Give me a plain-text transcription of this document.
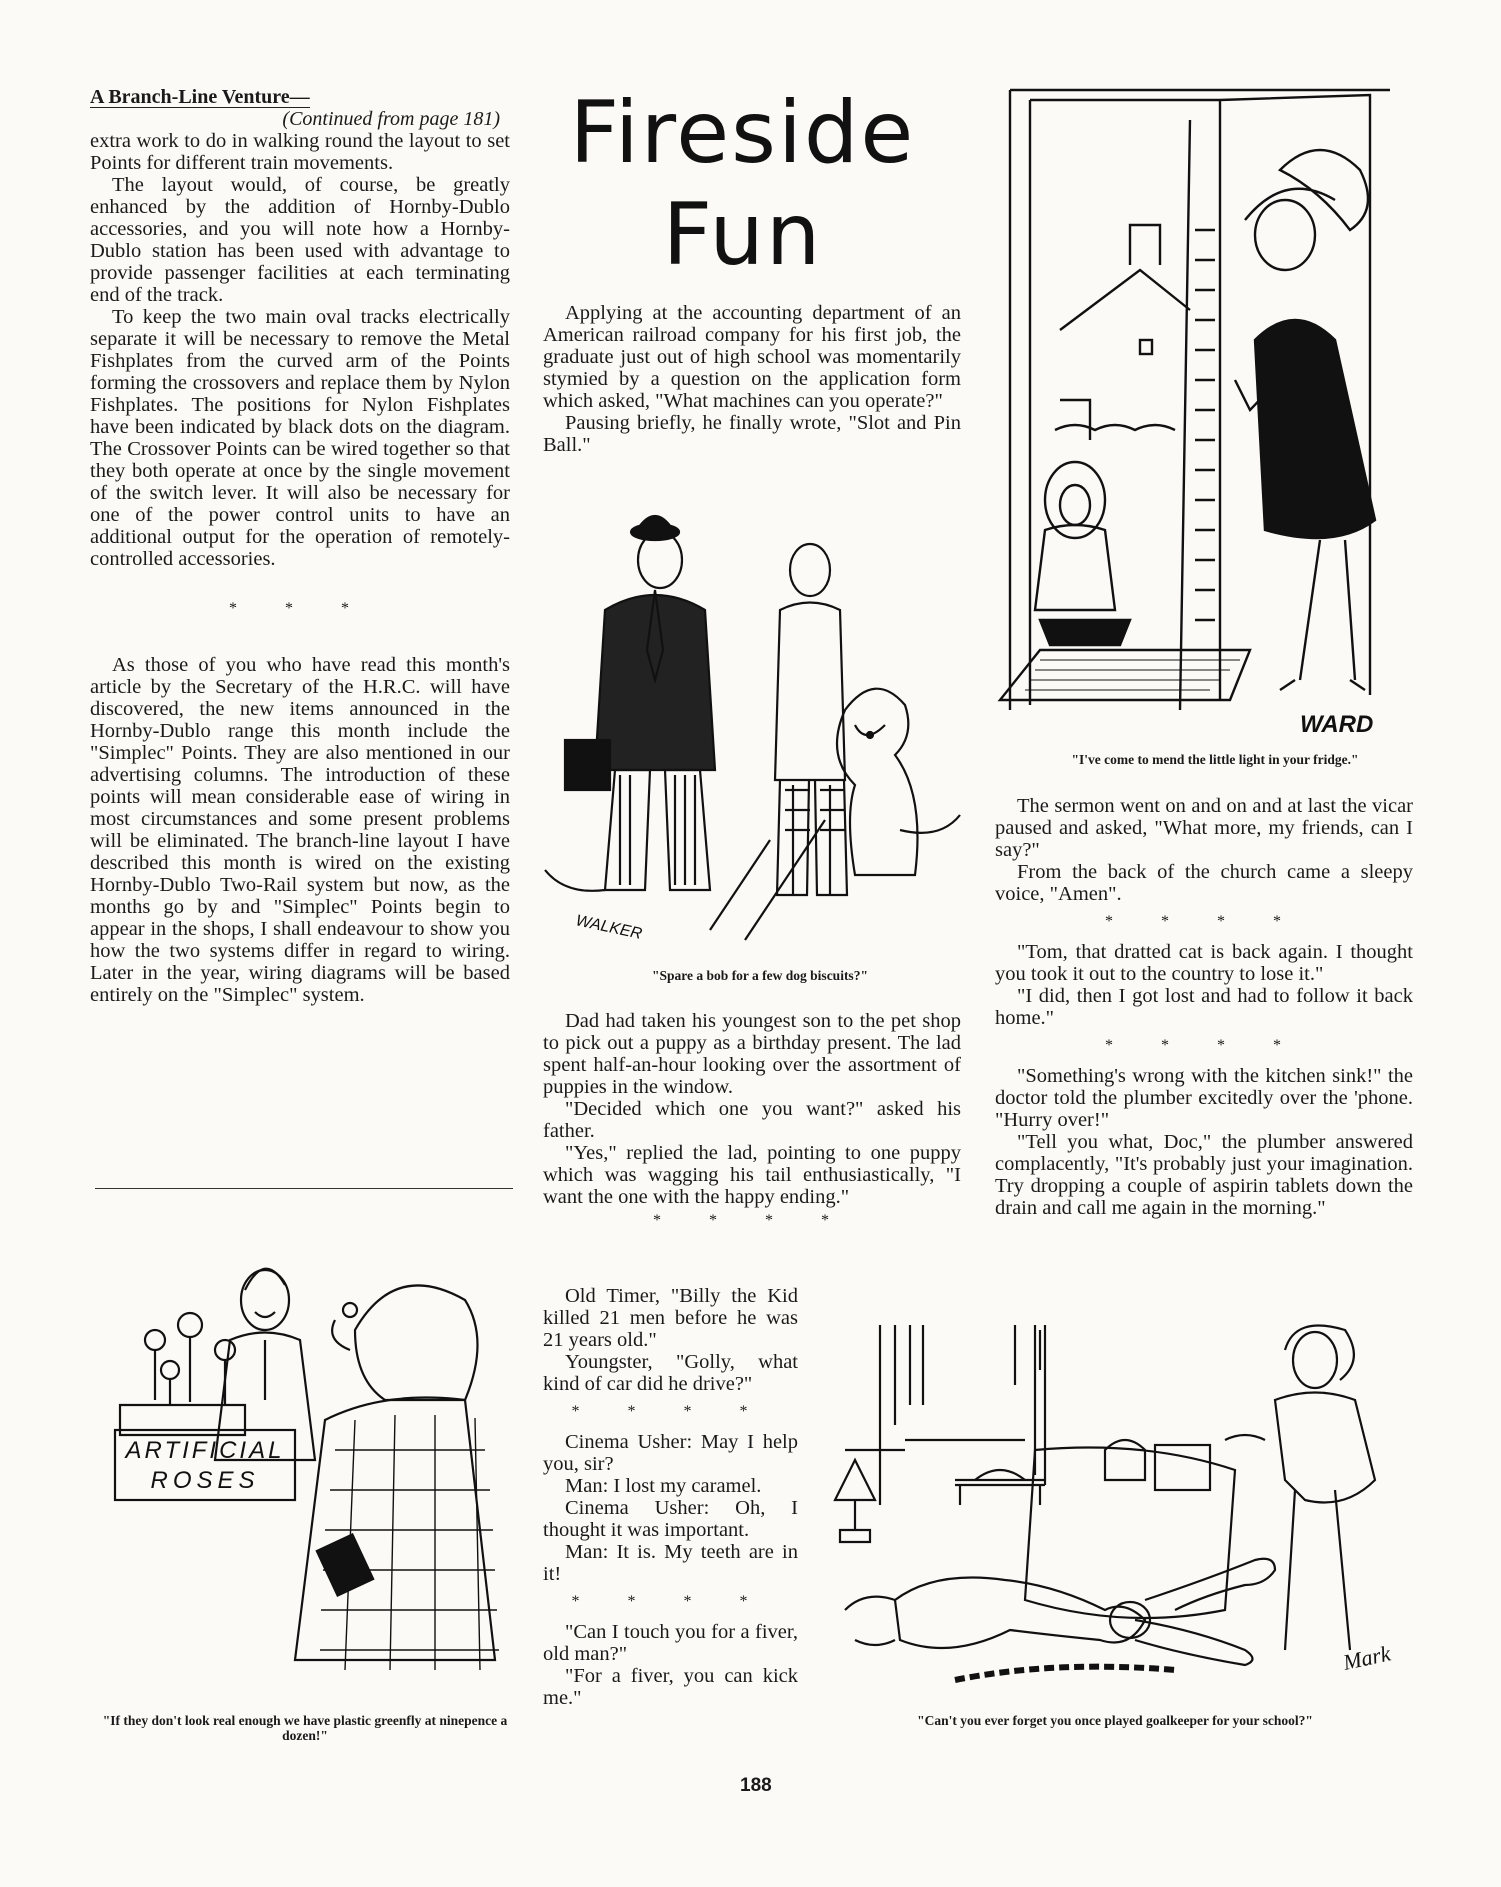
A Branch-Line Venture—
(Continued from page 181)

extra work to do in walking round the layout to set Points for different train movements.

The layout would, of course, be greatly enhanced by the addition of Hornby-Dublo accessories, and you will note how a Hornby-Dublo station has been used with advantage to provide passenger facilities at each terminating end of the track.

To keep the two main oval tracks electrically separate it will be necessary to remove the Metal Fishplates from the curved arm of the Points forming the crossovers and replace them by Nylon Fishplates. The positions for Nylon Fishplates have been indicated by black dots on the diagram. The Crossover Points can be wired together so that they both operate at once by the single movement of the switch lever. It will also be necessary for one of the power control units to have an additional output for the operation of remotely-controlled accessories.

* * *

As those of you who have read this month's article by the Secretary of the H.R.C. will have discovered, the new items announced in the Hornby-Dublo range this month include the "Simplec" Points. They are also mentioned in our advertising columns. The introduction of these points will mean considerable ease of wiring in most circumstances and some present problems will be eliminated. The branch-line layout I have described this month is wired on the existing Hornby-Dublo Two-Rail system but now, as the months go by and "Simplec" Points begin to appear in the shops, I shall endeavour to show you how the two systems differ in regard to wiring. Later in the year, wiring diagrams will be based entirely on the "Simplec" system.

ARTIFICIAL
ROSES
"If they don't look real enough we have plastic greenfly at ninepence a dozen!"
Fireside
Fun

Applying at the accounting department of an American railroad company for his first job, the graduate just out of high school was momentarily stymied by a question on the application form which asked, "What machines can you operate?"

Pausing briefly, he finally wrote, "Slot and Pin Ball."

WALKER
"Spare a bob for a few dog biscuits?"

Dad had taken his youngest son to the pet shop to pick out a puppy as a birthday present. The lad spent half-an-hour looking over the assortment of puppies in the window.

"Decided which one you want?" asked his father.

"Yes," replied the lad, pointing to one puppy which was wagging his tail enthusiastically, "I want the one with the happy ending."

* * * *

Old Timer, "Billy the Kid killed 21 men before he was 21 years old."

Youngster, "Golly, what kind of car did he drive?"

* * * *

Cinema Usher: May I help you, sir?

Man: I lost my caramel.

Cinema Usher: Oh, I thought it was important.

Man: It is. My teeth are in it!

* * * *

"Can I touch you for a fiver, old man?"

"For a fiver, you can kick me."

WARD
"I've come to mend the little light in your fridge."

The sermon went on and on and at last the vicar paused and asked, "What more, my friends, can I say?"

From the back of the church came a sleepy voice, "Amen".

* * * *

"Tom, that dratted cat is back again. I thought you took it out to the country to lose it."

"I did, then I got lost and had to follow it back home."

* * * *

"Something's wrong with the kitchen sink!" the doctor told the plumber excitedly over the 'phone. "Hurry over!"

"Tell you what, Doc," the plumber answered complacently, "It's probably just your imagination. Try dropping a couple of aspirin tablets down the drain and call me again in the morning."

Mark
"Can't you ever forget you once played goalkeeper for your school?"
188
